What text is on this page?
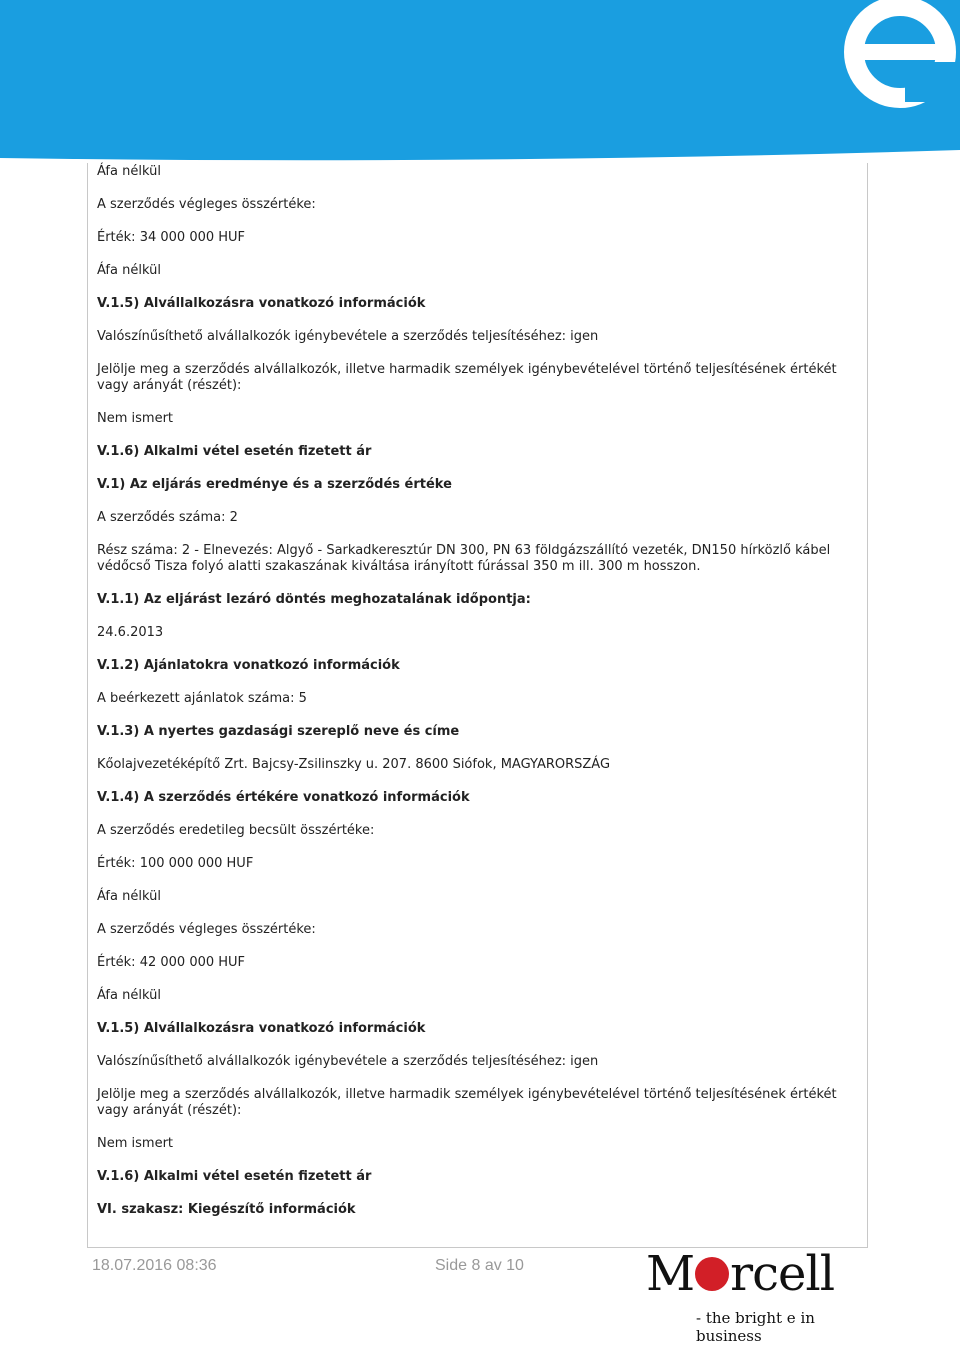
Áfa nélkül

A szerződés végleges összértéke:

Érték: 34 000 000 HUF

Áfa nélkül

V.1.5) Alvállalkozásra vonatkozó információk

Valószínűsíthető alvállalkozók igénybevétele a szerződés teljesítéséhez: igen

Jelölje meg a szerződés alvállalkozók, illetve harmadik személyek igénybevételével történő teljesítésének értékét vagy arányát (részét):

Nem ismert

V.1.6) Alkalmi vétel esetén fizetett ár

V.1) Az eljárás eredménye és a szerződés értéke

A szerződés száma: 2

Rész száma: 2 - Elnevezés: Algyő - Sarkadkeresztúr DN 300, PN 63 földgázszállító vezeték, DN150 hírközlő kábel védőcső Tisza folyó alatti szakaszának kiváltása irányított fúrással 350 m ill. 300 m hosszon.

V.1.1) Az eljárást lezáró döntés meghozatalának időpontja:

24.6.2013

V.1.2) Ajánlatokra vonatkozó információk

A beérkezett ajánlatok száma: 5

V.1.3) A nyertes gazdasági szereplő neve és címe

Kőolajvezetéképítő Zrt. Bajcsy-Zsilinszky u. 207. 8600 Siófok, MAGYARORSZÁG

V.1.4) A szerződés értékére vonatkozó információk

A szerződés eredetileg becsült összértéke:

Érték: 100 000 000 HUF

Áfa nélkül

A szerződés végleges összértéke:

Érték: 42 000 000 HUF

Áfa nélkül

V.1.5) Alvállalkozásra vonatkozó információk

Valószínűsíthető alvállalkozók igénybevétele a szerződés teljesítéséhez: igen

Jelölje meg a szerződés alvállalkozók, illetve harmadik személyek igénybevételével történő teljesítésének értékét vagy arányát (részét):

Nem ismert

V.1.6) Alkalmi vétel esetén fizetett ár

VI. szakasz: Kiegészítő információk

18.07.2016 08:36	Side 8 av 10	M rcell
- the bright e in business
